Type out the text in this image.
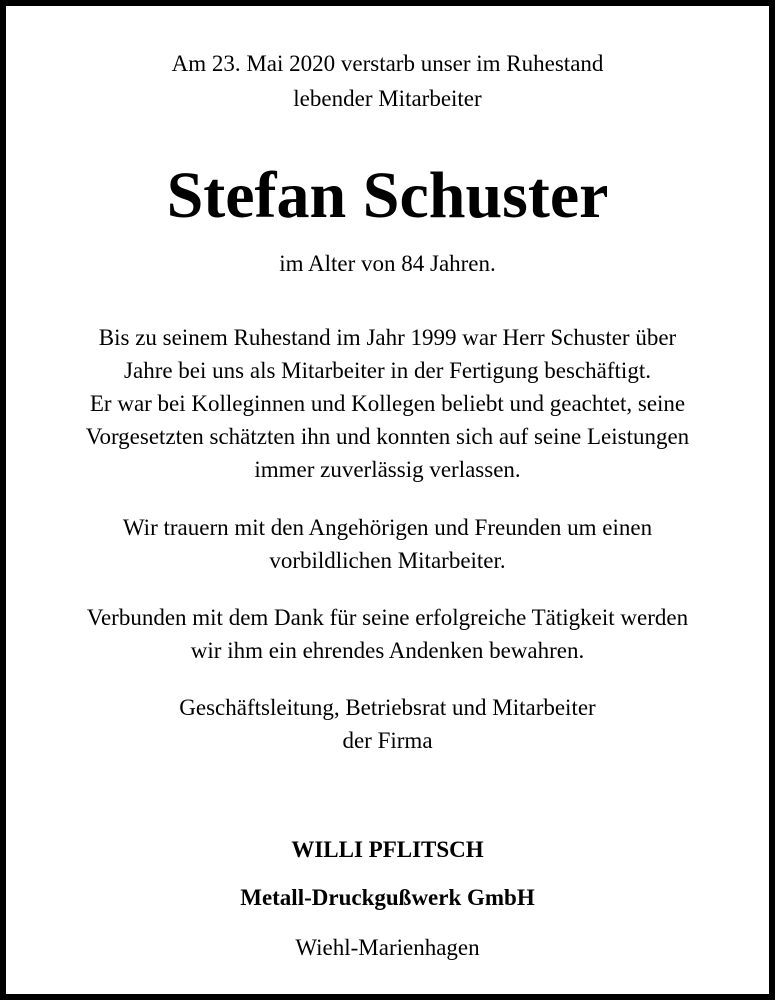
Am 23. Mai 2020 verstarb unser im Ruhestand
lebender Mitarbeiter
Stefan Schuster
im Alter von 84 Jahren.
Bis zu seinem Ruhestand im Jahr 1999 war Herr Schuster über
Jahre bei uns als Mitarbeiter in der Fertigung beschäftigt.
Er war bei Kolleginnen und Kollegen beliebt und geachtet, seine
Vorgesetzten schätzten ihn und konnten sich auf seine Leistungen
immer zuverlässig verlassen.
Wir trauern mit den Angehörigen und Freunden um einen
vorbildlichen Mitarbeiter.
Verbunden mit dem Dank für seine erfolgreiche Tätigkeit werden
wir ihm ein ehrendes Andenken bewahren.
Geschäftsleitung, Betriebsrat und Mitarbeiter
der Firma
WILLI PFLITSCH
Metall-Druckgußwerk GmbH
Wiehl-Marienhagen
